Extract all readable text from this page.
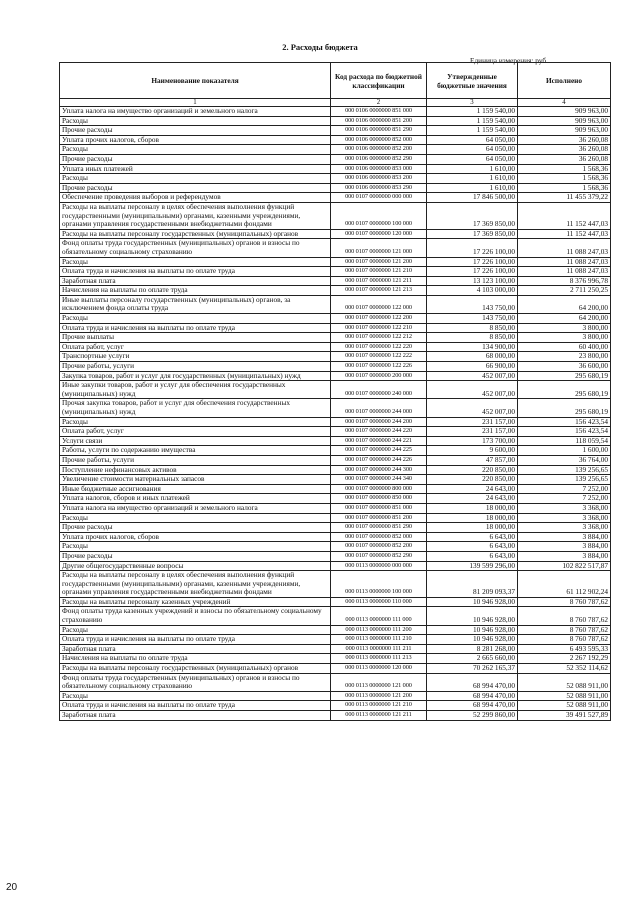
2. Расходы бюджета
Единица измерения: руб.
Наименование показателя	Код расхода по бюджетной классификации	Утвержденные бюджетные значения	Исполнено
1	2	3	4
Уплата налога на имущество организаций и земельного налога	000 0106 0000000 851 000	1 159 540,00	909 963,00
Расходы	000 0106 0000000 851 200	1 159 540,00	909 963,00
Прочие расходы	000 0106 0000000 851 290	1 159 540,00	909 963,00
Уплата прочих налогов, сборов	000 0106 0000000 852 000	64 050,00	36 260,08
Расходы	000 0106 0000000 852 200	64 050,00	36 260,08
Прочие расходы	000 0106 0000000 852 290	64 050,00	36 260,08
Уплата иных платежей	000 0106 0000000 853 000	1 610,00	1 568,36
Расходы	000 0106 0000000 853 200	1 610,00	1 568,36
Прочие расходы	000 0106 0000000 853 290	1 610,00	1 568,36
Обеспечение проведения выборов и референдумов	000 0107 0000000 000 000	17 846 500,00	11 455 379,22
Расходы на выплаты персоналу в целях обеспечения выполнения функций государственными (муниципальными) органами, казенными учреждениями, органами управления государственными внебюджетными фондами	000 0107 0000000 100 000	17 369 850,00	11 152 447,03
Расходы на выплаты персоналу государственных (муниципальных) органов	000 0107 0000000 120 000	17 369 850,00	11 152 447,03
Фонд оплаты труда государственных (муниципальных) органов и взносы по обязательному социальному страхованию	000 0107 0000000 121 000	17 226 100,00	11 088 247,03
Расходы	000 0107 0000000 121 200	17 226 100,00	11 088 247,03
Оплата труда и начисления на выплаты по оплате труда	000 0107 0000000 121 210	17 226 100,00	11 088 247,03
Заработная плата	000 0107 0000000 121 211	13 123 100,00	8 376 996,78
Начисления на выплаты по оплате труда	000 0107 0000000 121 213	4 103 000,00	2 711 250,25
Иные выплаты персоналу государственных (муниципальных) органов, за исключением фонда оплаты труда	000 0107 0000000 122 000	143 750,00	64 200,00
Расходы	000 0107 0000000 122 200	143 750,00	64 200,00
Оплата труда и начисления на выплаты по оплате труда	000 0107 0000000 122 210	8 850,00	3 800,00
Прочие выплаты	000 0107 0000000 122 212	8 850,00	3 800,00
Оплата работ, услуг	000 0107 0000000 122 220	134 900,00	60 400,00
Транспортные услуги	000 0107 0000000 122 222	68 000,00	23 800,00
Прочие работы, услуги	000 0107 0000000 122 226	66 900,00	36 600,00
Закупка товаров, работ и услуг для государственных (муниципальных) нужд	000 0107 0000000 200 000	452 007,00	295 680,19
Иные закупки товаров, работ и услуг для обеспечения государственных (муниципальных) нужд	000 0107 0000000 240 000	452 007,00	295 680,19
Прочая закупка товаров, работ и услуг для обеспечения государственных (муниципальных) нужд	000 0107 0000000 244 000	452 007,00	295 680,19
Расходы	000 0107 0000000 244 200	231 157,00	156 423,54
Оплата работ, услуг	000 0107 0000000 244 220	231 157,00	156 423,54
Услуги связи	000 0107 0000000 244 221	173 700,00	118 059,54
Работы, услуги по содержанию имущества	000 0107 0000000 244 225	9 600,00	1 600,00
Прочие работы, услуги	000 0107 0000000 244 226	47 857,00	36 764,00
Поступление нефинансовых активов	000 0107 0000000 244 300	220 850,00	139 256,65
Увеличение стоимости материальных запасов	000 0107 0000000 244 340	220 850,00	139 256,65
Иные бюджетные ассигнования	000 0107 0000000 800 000	24 643,00	7 252,00
Уплата налогов, сборов и иных платежей	000 0107 0000000 850 000	24 643,00	7 252,00
Уплата налога на имущество организаций и земельного налога	000 0107 0000000 851 000	18 000,00	3 368,00
Расходы	000 0107 0000000 851 200	18 000,00	3 368,00
Прочие расходы	000 0107 0000000 851 290	18 000,00	3 368,00
Уплата прочих налогов, сборов	000 0107 0000000 852 000	6 643,00	3 884,00
Расходы	000 0107 0000000 852 200	6 643,00	3 884,00
Прочие расходы	000 0107 0000000 852 290	6 643,00	3 884,00
Другие общегосударственные вопросы	000 0113 0000000 000 000	139 599 296,00	102 822 517,87
Расходы на выплаты персоналу в целях обеспечения выполнения функций государственными (муниципальными) органами, казенными учреждениями, органами управления государственными внебюджетными фондами	000 0113 0000000 100 000	81 209 093,37	61 112 902,24
Расходы на выплаты персоналу казенных учреждений	000 0113 0000000 110 000	10 946 928,00	8 760 787,62
Фонд оплаты труда казенных учреждений и взносы по обязательному социальному страхованию	000 0113 0000000 111 000	10 946 928,00	8 760 787,62
Расходы	000 0113 0000000 111 200	10 946 928,00	8 760 787,62
Оплата труда и начисления на выплаты по оплате труда	000 0113 0000000 111 210	10 946 928,00	8 760 787,62
Заработная плата	000 0113 0000000 111 211	8 281 268,00	6 493 595,33
Начисления на выплаты по оплате труда	000 0113 0000000 111 213	2 665 660,00	2 267 192,29
Расходы на выплаты персоналу государственных (муниципальных) органов	000 0113 0000000 120 000	70 262 165,37	52 352 114,62
Фонд оплаты труда государственных (муниципальных) органов и взносы по обязательному социальному страхованию	000 0113 0000000 121 000	68 994 470,00	52 088 911,00
Расходы	000 0113 0000000 121 200	68 994 470,00	52 088 911,00
Оплата труда и начисления на выплаты по оплате труда	000 0113 0000000 121 210	68 994 470,00	52 088 911,00
Заработная плата	000 0113 0000000 121 211	52 299 860,00	39 491 527,89
20
